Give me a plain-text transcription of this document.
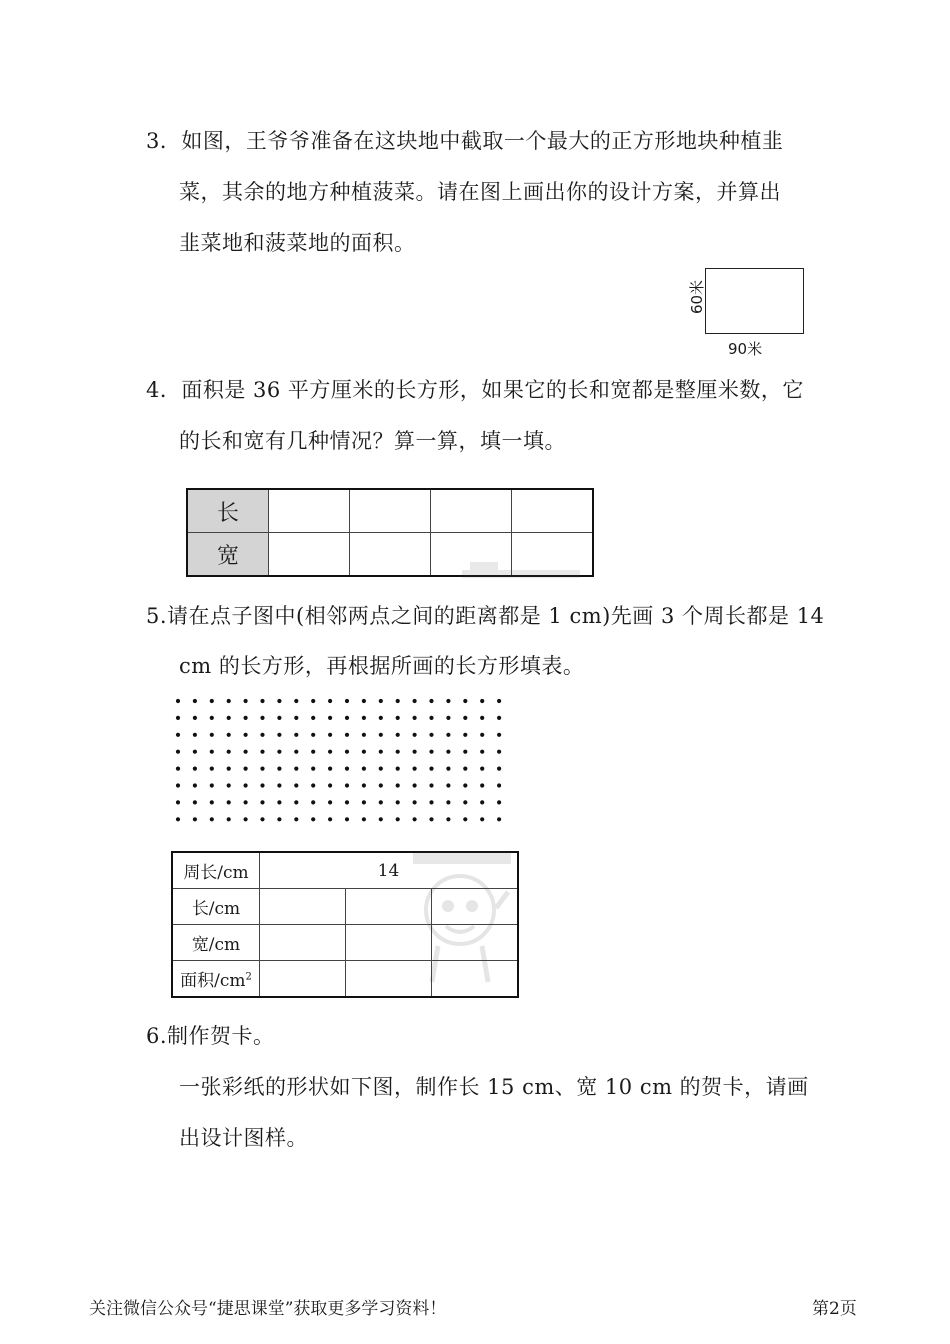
3．如图，王爷爷准备在这块地中截取一个最大的正方形地块种植韭
菜，其余的地方种植菠菜。请在图上画出你的设计方案，并算出
韭菜地和菠菜地的面积。
60米
90米
4．面积是 36 平方厘米的长方形，如果它的长和宽都是整厘米数，它
的长和宽有几种情况？算一算，填一填。
长				
宽				
5.请在点子图中(相邻两点之间的距离都是 1 cm)先画 3 个周长都是 14
cm 的长方形，再根据所画的长方形填表。
周长/cm	14		
长/cm			
宽/cm			
面积$/cm^2$			
6.制作贺卡。
一张彩纸的形状如下图，制作长 15 cm、宽 10 cm 的贺卡，请画
出设计图样。
关注微信公众号“捷思课堂”获取更多学习资料！	第2页
